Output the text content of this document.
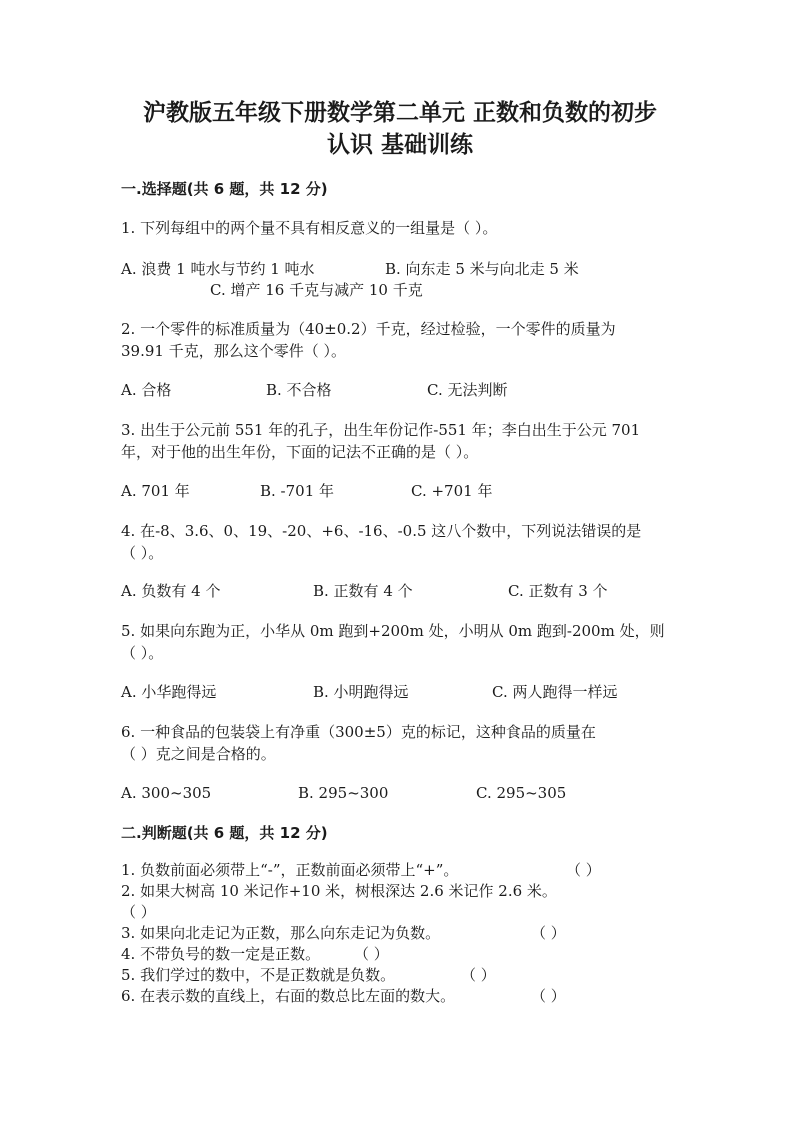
沪教版五年级下册数学第二单元 正数和负数的初步
认识 基础训练
一.选择题(共 6 题，共 12 分)
1. 下列每组中的两个量不具有相反意义的一组量是（ ）。
A. 浪费 1 吨水与节约 1 吨水	B. 向东走 5 米与向北走 5 米
C. 增产 16 千克与减产 10 千克
2. 一个零件的标准质量为（40±0.2）千克，经过检验，一个零件的质量为
39.91 千克，那么这个零件（ ）。
A. 合格	B. 不合格	C. 无法判断
3. 出生于公元前 551 年的孔子，出生年份记作-551 年；李白出生于公元 701
年，对于他的出生年份，下面的记法不正确的是（ ）。
A. 701 年	B. -701 年	C. +701 年
4. 在-8、3.6、0、19、-20、+6、-16、-0.5 这八个数中，下列说法错误的是
（ ）。
A. 负数有 4 个	B. 正数有 4 个	C. 正数有 3 个
5. 如果向东跑为正，小华从 0m 跑到+200m 处，小明从 0m 跑到-200m 处，则
（ ）。
A. 小华跑得远	B. 小明跑得远	C. 两人跑得一样远
6. 一种食品的包装袋上有净重（300±5）克的标记，这种食品的质量在
（ ）克之间是合格的。
A. 300~305	B. 295~300	C. 295~305
二.判断题(共 6 题，共 12 分)
1. 负数前面必须带上“-”，正数前面必须带上“+”。	（ ）
2. 如果大树高 10 米记作+10 米，树根深达 2.6 米记作 2.6 米。
（ ）
3. 如果向北走记为正数，那么向东走记为负数。	（ ）
4. 不带负号的数一定是正数。 （ ）
5. 我们学过的数中，不是正数就是负数。	（ ）
6. 在表示数的直线上，右面的数总比左面的数大。	（ ）
